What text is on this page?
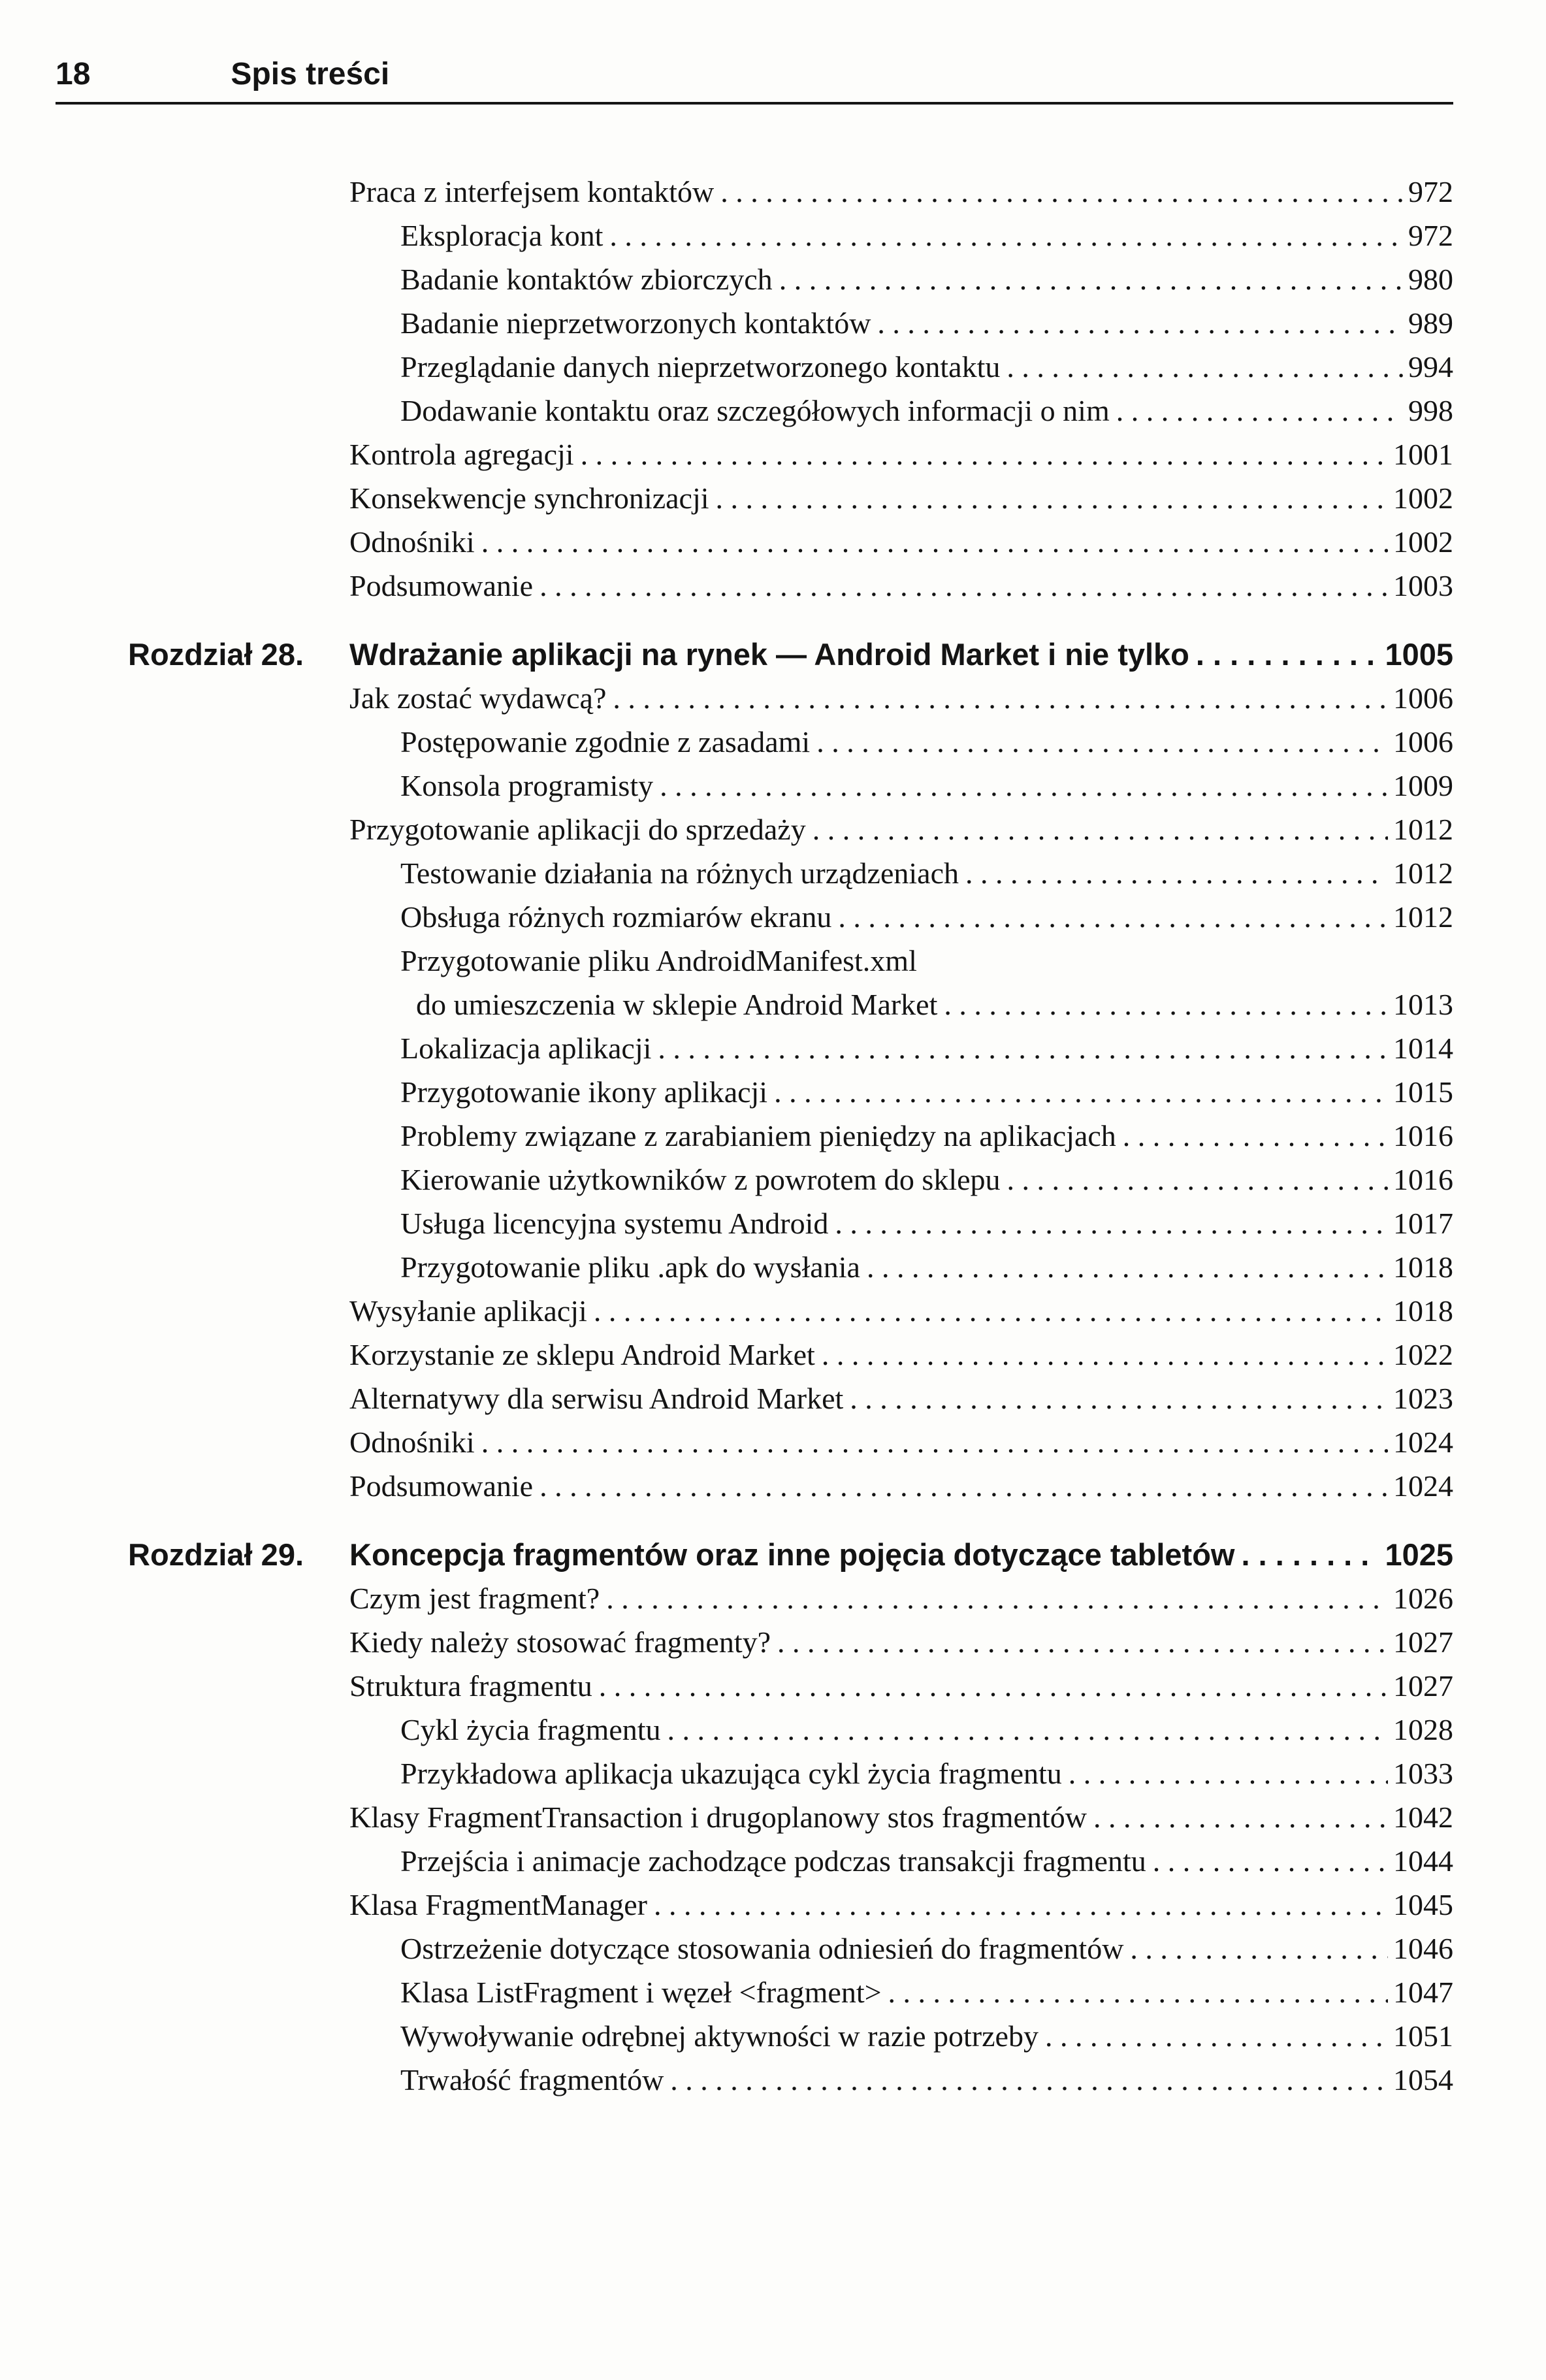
18	Spis treści
Praca z interfejsem kontaktów . . .	972
Eksploracja kont . . .	972
Badanie kontaktów zbiorczych . . .	980
Badanie nieprzetworzonych kontaktów . . .	989
Przeglądanie danych nieprzetworzonego kontaktu . . .	994
Dodawanie kontaktu oraz szczegółowych informacji o nim . . .	998
Kontrola agregacji . . .	1001
Konsekwencje synchronizacji . . .	1002
Odnośniki . . .	1002
Podsumowanie . . .	1003
Rozdział 28.	Wdrażanie aplikacji na rynek — Android Market i nie tylko . . .	1005
Jak zostać wydawcą? . . .	1006
Postępowanie zgodnie z zasadami . . .	1006
Konsola programisty . . .	1009
Przygotowanie aplikacji do sprzedaży . . .	1012
Testowanie działania na różnych urządzeniach . . .	1012
Obsługa różnych rozmiarów ekranu . . .	1012
Przygotowanie pliku AndroidManifest.xml
do umieszczenia w sklepie Android Market . . .	1013
Lokalizacja aplikacji . . .	1014
Przygotowanie ikony aplikacji . . .	1015
Problemy związane z zarabianiem pieniędzy na aplikacjach . . .	1016
Kierowanie użytkowników z powrotem do sklepu . . .	1016
Usługa licencyjna systemu Android . . .	1017
Przygotowanie pliku .apk do wysłania . . .	1018
Wysyłanie aplikacji . . .	1018
Korzystanie ze sklepu Android Market . . .	1022
Alternatywy dla serwisu Android Market . . .	1023
Odnośniki . . .	1024
Podsumowanie . . .	1024
Rozdział 29.	Koncepcja fragmentów oraz inne pojęcia dotyczące tabletów . . .	1025
Czym jest fragment? . . .	1026
Kiedy należy stosować fragmenty? . . .	1027
Struktura fragmentu . . .	1027
Cykl życia fragmentu . . .	1028
Przykładowa aplikacja ukazująca cykl życia fragmentu . . .	1033
Klasy FragmentTransaction i drugoplanowy stos fragmentów . . .	1042
Przejścia i animacje zachodzące podczas transakcji fragmentu . . .	1044
Klasa FragmentManager . . .	1045
Ostrzeżenie dotyczące stosowania odniesień do fragmentów . . .	1046
Klasa ListFragment i węzeł <fragment> . . .	1047
Wywoływanie odrębnej aktywności w razie potrzeby . . .	1051
Trwałość fragmentów . . .	1054
